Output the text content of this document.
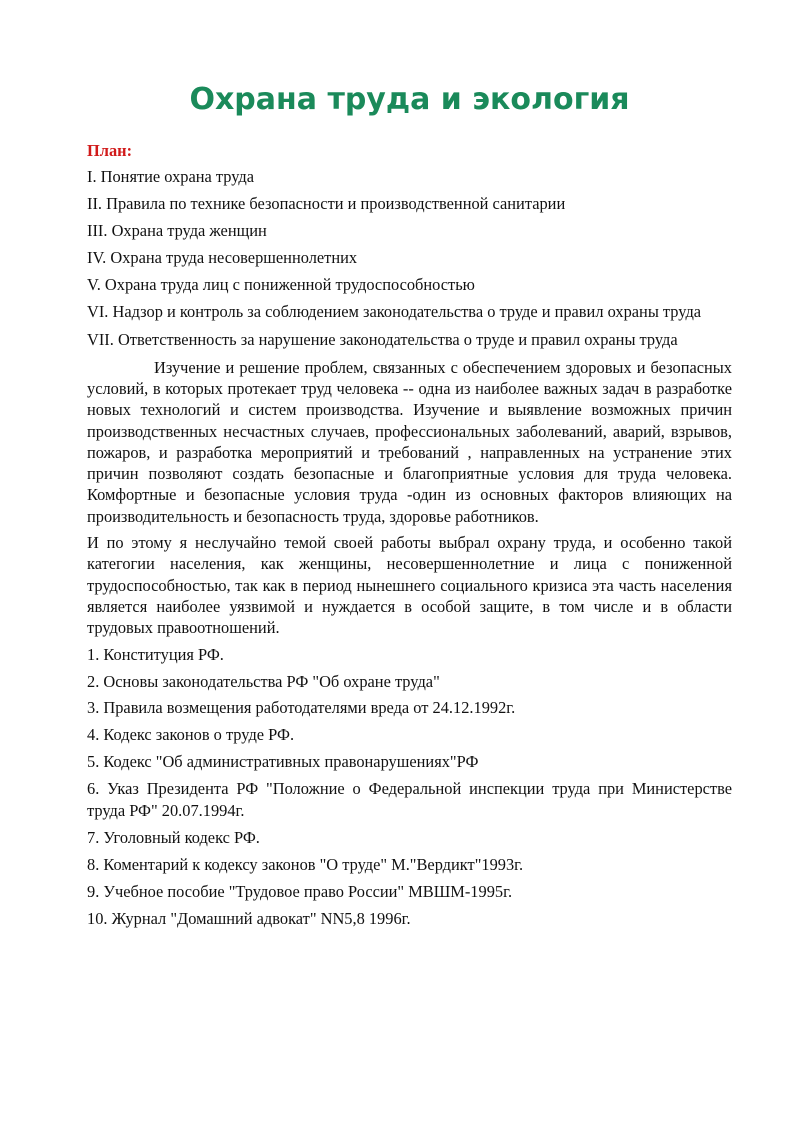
Охрана труда и экология
План:
I. Понятие охрана труда
II. Правила по технике безопасности и производственной санитарии
III. Охрана труда женщин
IV. Охрана труда несовершеннолетних
V. Охрана труда лиц с пониженной трудоспособностью
VI. Надзор и контроль за соблюдением законодательства о труде и правил охраны труда
VII. Ответственность за нарушение законодательства о труде и правил охраны труда

Изучение и решение проблем, связанных с обеспечением здоровых и безопасных условий, в которых протекает труд человека -- одна из наиболее важных задач в разработке новых технологий и систем производства. Изучение и выявление возможных причин производственных несчастных случаев, профессиональных заболеваний, аварий, взрывов, пожаров, и разработка мероприятий и требований , направленных на устранение этих причин позволяют создать безопасные и благоприятные условия для труда человека. Комфортные и безопасные условия труда -один из основных факторов влияющих на производительность и безопасность труда, здоровье работников.

И по этому я неслучайно темой своей работы выбрал охрану труда, и особенно такой категогии населения, как женщины, несовершеннолетние и лица с пониженной трудоспособностью, так как в период нынешнего социального кризиса эта часть населения является наиболее уязвимой и нуждается в особой защите, в том числе и в области трудовых правоотношений.

1. Конституция РФ.
2. Основы законодательства РФ "Об охране труда"
3. Правила возмещения работодателями вреда от 24.12.1992г.
4. Кодекс законов о труде РФ.
5. Кодекс "Об административных правонарушениях"РФ
6. Указ Президента РФ "Положние о Федеральной инспекции труда при Министерстве труда РФ" 20.07.1994г.
7. Уголовный кодекс РФ.
8. Коментарий к кодексу законов "О труде" М."Вердикт"1993г.
9. Учебное пособие "Трудовое право России" МВШМ-1995г.
10. Журнал "Домашний адвокат" NN5,8 1996г.
